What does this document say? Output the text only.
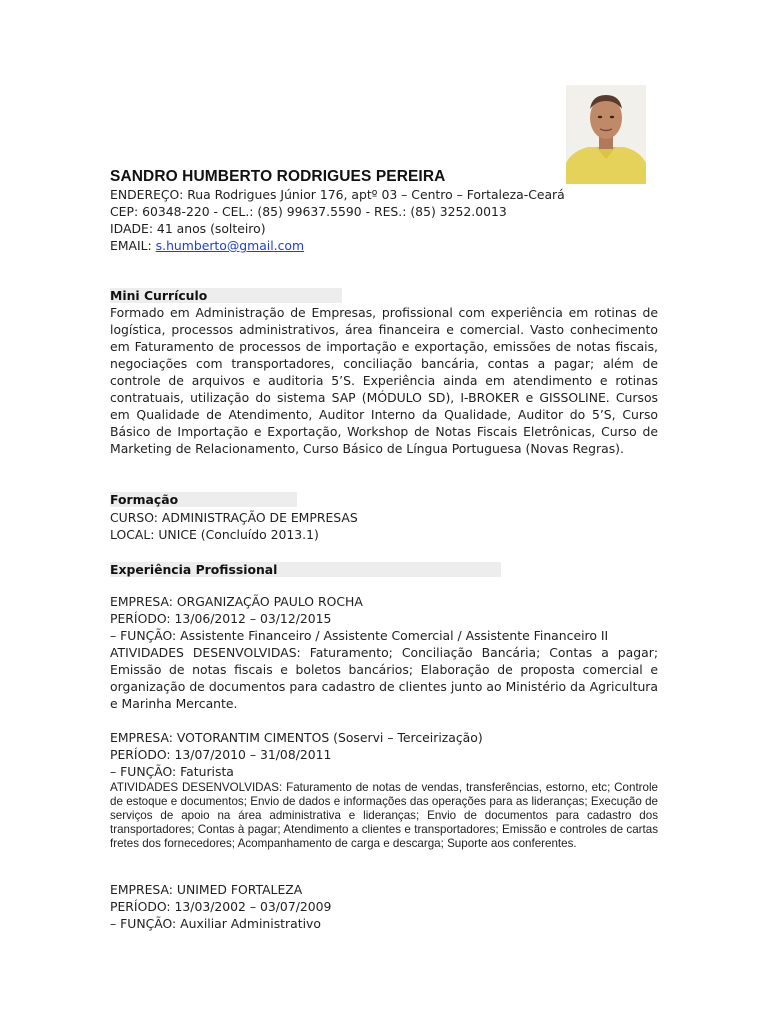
SANDRO HUMBERTO RODRIGUES PEREIRA
ENDEREÇO: Rua Rodrigues Júnior 176, aptº 03 – Centro – Fortaleza-Ceará
CEP: 60348-220 - CEL.: (85) 99637.5590 - RES.: (85) 3252.0013
IDADE: 41 anos (solteiro)
EMAIL: s.humberto@gmail.com
Mini Currículo
Formado em Administração de Empresas, profissional com experiência em rotinas de logística, processos administrativos, área financeira e comercial. Vasto conhecimento em Faturamento de processos de importação e exportação, emissões de notas fiscais, negociações com transportadores, conciliação bancária, contas a pagar; além de controle de arquivos e auditoria 5’S. Experiência ainda em atendimento e rotinas contratuais, utilização do sistema SAP (MÓDULO SD), I-BROKER e GISSOLINE. Cursos em Qualidade de Atendimento, Auditor Interno da Qualidade, Auditor do 5’S, Curso Básico de Importação e Exportação, Workshop de Notas Fiscais Eletrônicas, Curso de Marketing de Relacionamento, Curso Básico de Língua Portuguesa (Novas Regras).
Formação
CURSO: ADMINISTRAÇÃO DE EMPRESAS
LOCAL: UNICE (Concluído 2013.1)
Experiência Profissional
EMPRESA: ORGANIZAÇÃO PAULO ROCHA
PERÍODO: 13/06/2012 – 03/12/2015
– FUNÇÃO: Assistente Financeiro / Assistente Comercial / Assistente Financeiro II
ATIVIDADES DESENVOLVIDAS: Faturamento; Conciliação Bancária; Contas a pagar; Emissão de notas fiscais e boletos bancários; Elaboração de proposta comercial e organização de documentos para cadastro de clientes junto ao Ministério da Agricultura e Marinha Mercante.
EMPRESA: VOTORANTIM CIMENTOS (Soservi – Terceirização)
PERÍODO: 13/07/2010 – 31/08/2011
– FUNÇÃO: Faturista
ATIVIDADES DESENVOLVIDAS: Faturamento de notas de vendas, transferências, estorno, etc; Controle de estoque e documentos; Envio de dados e informações das operações para as lideranças; Execução de serviços de apoio na área administrativa e lideranças; Envio de documentos para cadastro dos transportadores; Contas à pagar; Atendimento a clientes e transportadores; Emissão e controles de cartas fretes dos fornecedores; Acompanhamento de carga e descarga; Suporte aos conferentes.
EMPRESA: UNIMED FORTALEZA
PERÍODO: 13/03/2002 – 03/07/2009
– FUNÇÃO: Auxiliar Administrativo
